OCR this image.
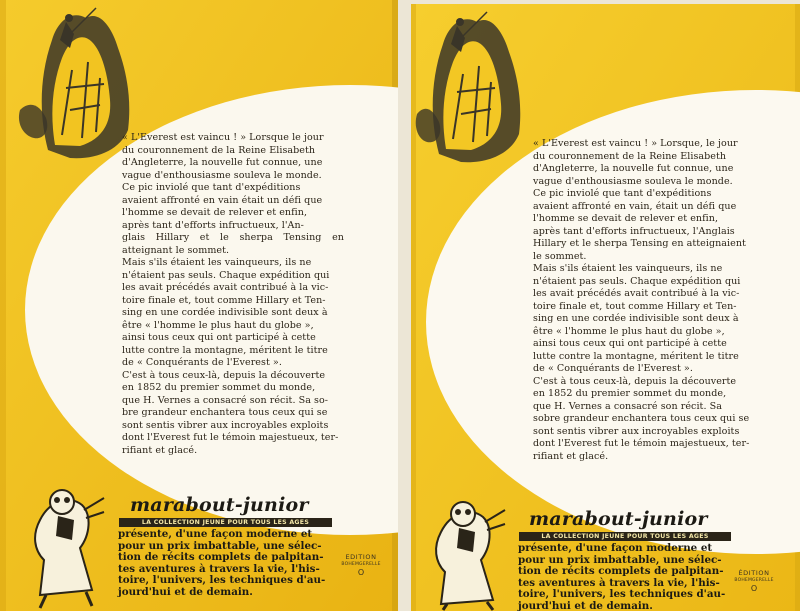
« L'Everest est vaincu ! » Lorsque le jour
du couronnement de la Reine Elisabeth
d'Angleterre, la nouvelle fut connue, une
vague d'enthousiasme souleva le monde.
Ce pic inviolé que tant d'expéditions
avaient affronté en vain était un défi que
l'homme se devait de relever et enfin,
après tant d'efforts infructueux, l'An-
glais Hillary et le sherpa Tensing en atteignant le sommet.
Mais s'ils étaient les vainqueurs, ils ne
n'étaient pas seuls. Chaque expédition qui
les avait précédés avait contribué à la vic-
toire finale et, tout comme Hillary et Ten-
sing en une cordée indivisible sont deux à
être « l'homme le plus haut du globe »,
ainsi tous ceux qui ont participé à cette
lutte contre la montagne, méritent le titre
de « Conquérants de l'Everest ».
C'est à tous ceux-là, depuis la découverte
en 1852 du premier sommet du monde,
que H. Vernes a consacré son récit. Sa so-
bre grandeur enchantera tous ceux qui se
sont sentis vibrer aux incroyables exploits
dont l'Everest fut le témoin majestueux, ter-
rifiant et glacé.
marabout-junior
LA COLLECTION JEUNE POUR TOUS LES AGES
présente, d'une façon moderne et
pour un prix imbattable, une sélec-
tion de récits complets de palpitan-
tes aventures à travers la vie, l'his-
toire, l'univers, les techniques d'au-
jourd'hui et de demain.
EDITION
BOHEMGERELLE
O
« L'Everest est vaincu ! » Lorsque, le jour
du couronnement de la Reine Elisabeth
d'Angleterre, la nouvelle fut connue, une
vague d'enthousiasme souleva le monde.
Ce pic inviolé que tant d'expéditions
avaient affronté en vain, était un défi que
l'homme se devait de relever et enfin,
après tant d'efforts infructueux, l'Anglais
Hillary et le sherpa Tensing en atteignaient
le sommet.
Mais s'ils étaient les vainqueurs, ils ne
n'étaient pas seuls. Chaque expédition qui
les avait précédés avait contribué à la vic-
toire finale et, tout comme Hillary et Ten-
sing en une cordée indivisible sont deux à
être « l'homme le plus haut du globe »,
ainsi tous ceux qui ont participé à cette
lutte contre la montagne, méritent le titre
de « Conquérants de l'Everest ».
C'est à tous ceux-là, depuis la découverte
en 1852 du premier sommet du monde,
que H. Vernes a consacré son récit. Sa
sobre grandeur enchantera tous ceux qui se
sont sentis vibrer aux incroyables exploits
dont l'Everest fut le témoin majestueux, ter-
rifiant et glacé.
marabout-junior
LA COLLECTION JEUNE POUR TOUS LES AGES
présente, d'une façon moderne et
pour un prix imbattable, une sélec-
tion de récits complets de palpitan-
tes aventures à travers la vie, l'his-
toire, l'univers, les techniques d'au-
jourd'hui et de demain.
ÉDITION
BOHEMGERELLE
O
